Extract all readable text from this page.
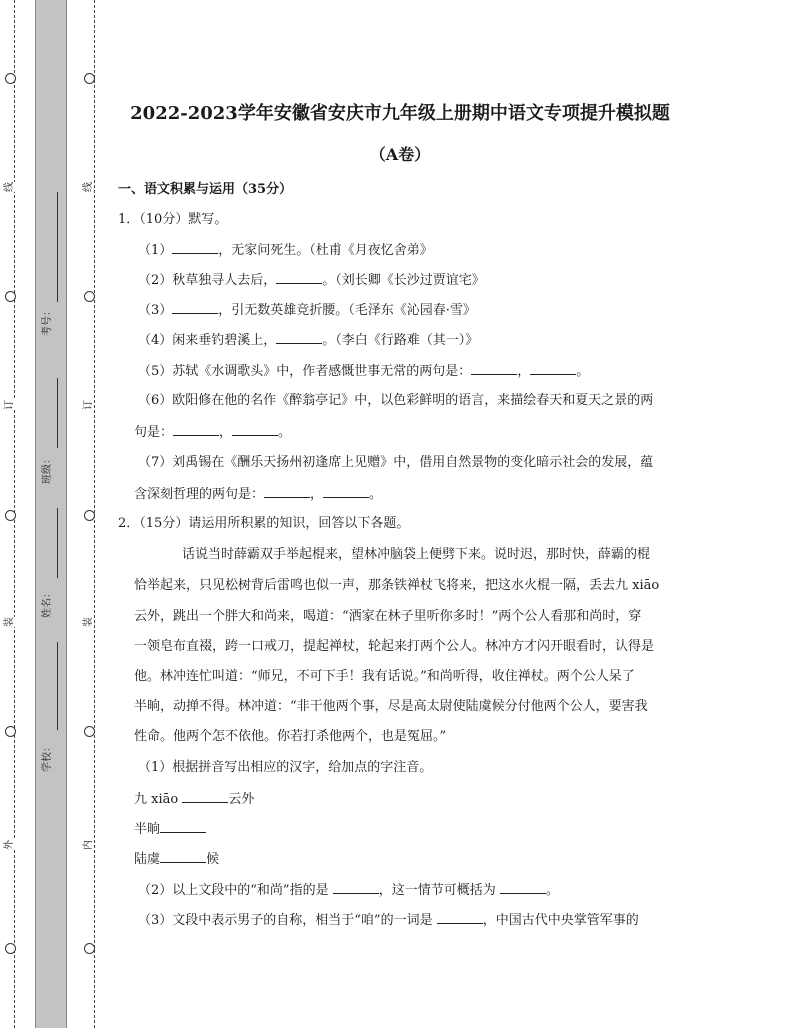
线
订
装
外
线
订
装
内
考号：
班级：
姓名：
学校：
2022-2023学年安徽省安庆市九年级上册期中语文专项提升模拟题
（A卷）
一、语文积累与运用（35分）
1．（10分）默写。
（1）	，无家问死生。（杜甫《月夜忆舍弟》
（2）秋草独寻人去后，	。（刘长卿《长沙过贾谊宅》
（3）	，引无数英雄竞折腰。（毛泽东《沁园春·雪》
（4）闲来垂钓碧溪上，	。（李白《行路难（其一）》
（5）苏轼《水调歌头》中，作者感慨世事无常的两句是：	，	。
（6）欧阳修在他的名作《醉翁亭记》中，以色彩鲜明的语言，来描绘春天和夏天之景的两
句是：	，	。
（7）刘禹锡在《酬乐天扬州初逢席上见赠》中，借用自然景物的变化暗示社会的发展，蕴
含深刻哲理的两句是：	，	。
2．（15分）请运用所积累的知识，回答以下各题。
话说当时薛霸双手举起棍来，望林冲脑袋上便劈下来。说时迟，那时快，薛霸的棍
恰举起来，只见松树背后雷鸣也似一声，那条铁禅杖飞将来，把这水火棍一隔，丢去九 xiāo
云外，跳出一个胖大和尚来，喝道：“洒家在林子里听你多时！”两个公人看那和尚时，穿
一领皂布直裰，跨一口戒刀，提起禅杖，轮起来打两个公人。林冲方才闪开眼看时，认得是
他。林冲连忙叫道：“师兄，不可下手！我有话说。”和尚听得，收住禅杖。两个公人呆了
半晌，动掸不得。林冲道：“非干他两个事，尽是高太尉使陆虞候分付他两个公人，要害我
性命。他两个怎不依他。你若打杀他两个，也是冤屈。”
（1）根据拼音写出相应的汉字，给加点的字注音。
九 xiāo	云外
半晌
陆虞	候
（2）以上文段中的“和尚”指的是	，这一情节可概括为	。
（3）文段中表示男子的自称，相当于“咱”的一词是	，中国古代中央掌管军事的
